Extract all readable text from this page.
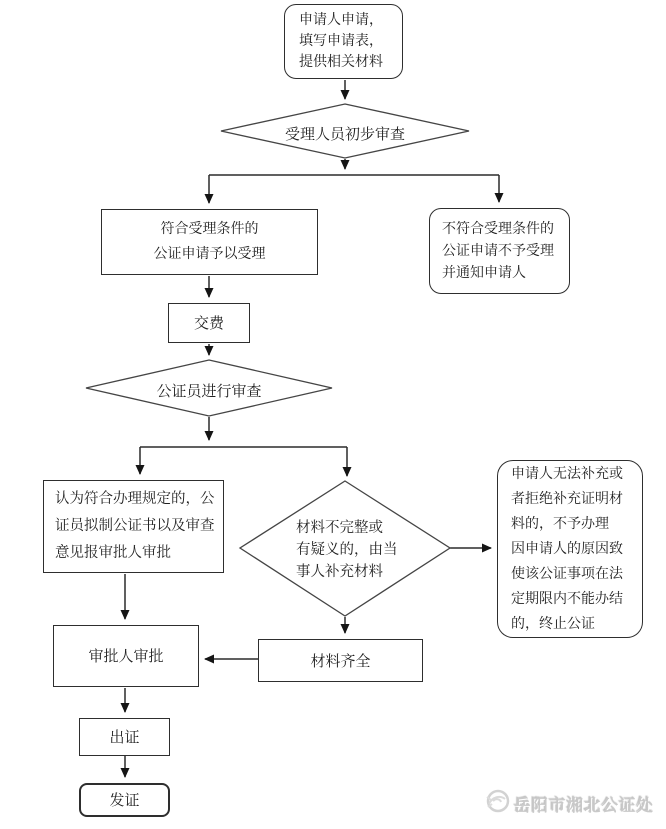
申请人申请，
填写申请表，
提供相关材料
符合受理条件的
公证申请予以受理
不符合受理条件的
公证申请不予受理
并通知申请人
交费
认为符合办理规定的，公
证员拟制公证书以及审查
意见报审批人审批
申请人无法补充或
者拒绝补充证明材
料的，不予办理
因申请人的原因致
使该公证事项在法
定期限内不能办结
的，终止公证
审批人审批	材料齐全
出证
发证
受理人员初步审查
公证员进行审查
材料不完整或
有疑义的，由当
事人补充材料
岳阳市湘北公证处
